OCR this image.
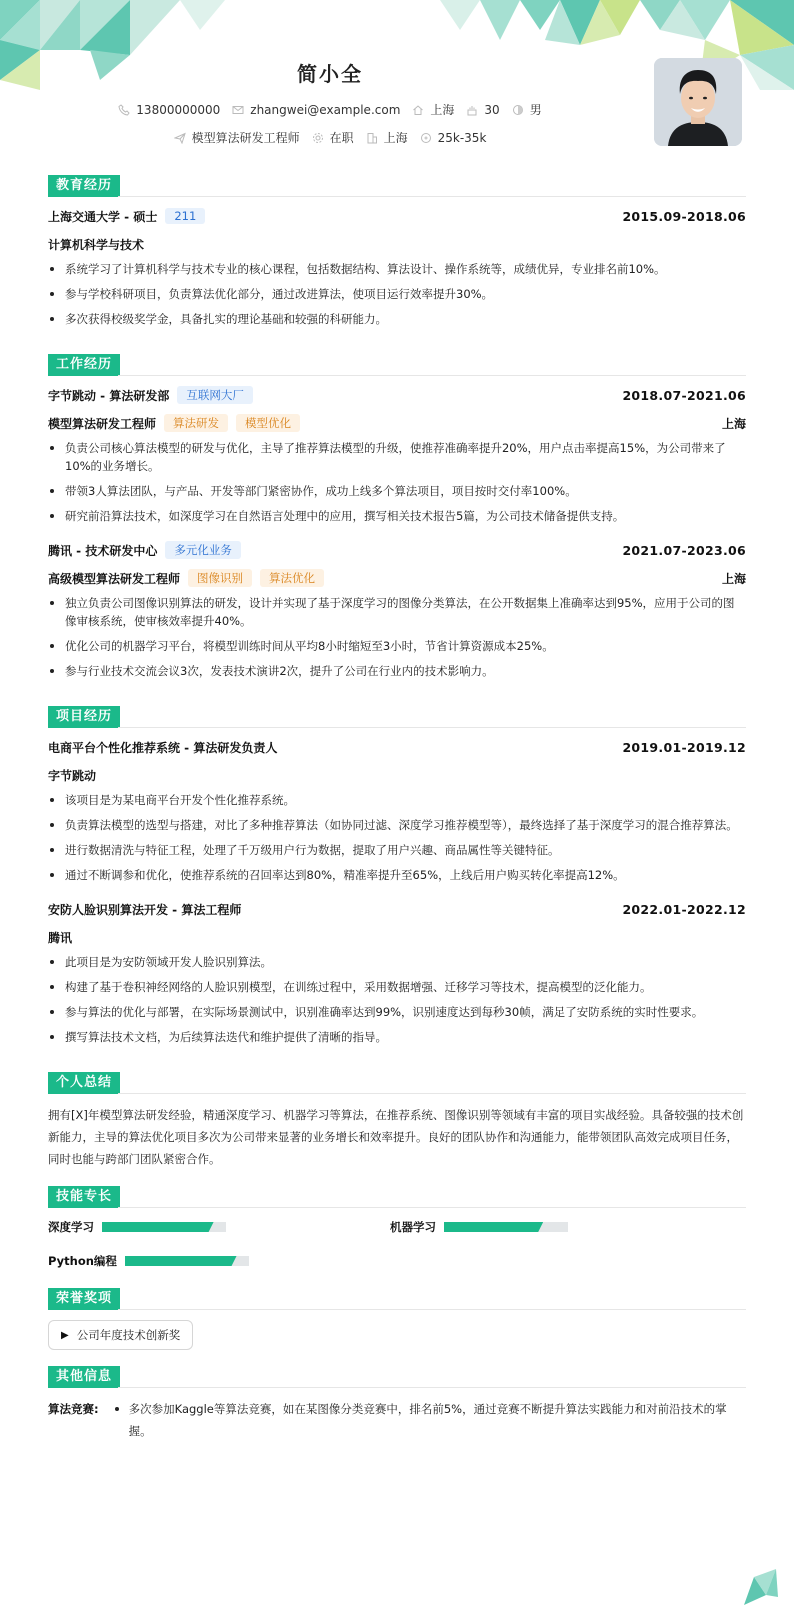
简小全
13800000000	zhangwei@example.com	上海	30	男
模型算法研发工程师	在职	上海	25k-35k
教育经历
上海交通大学 - 硕士	211	2015.09-2018.06
计算机科学与技术
系统学习了计算机科学与技术专业的核心课程，包括数据结构、算法设计、操作系统等，成绩优异，专业排名前10%。
参与学校科研项目，负责算法优化部分，通过改进算法，使项目运行效率提升30%。
多次获得校级奖学金，具备扎实的理论基础和较强的科研能力。
工作经历
字节跳动 - 算法研发部	互联网大厂	2018.07-2021.06
模型算法研发工程师	算法研发	模型优化	上海
负责公司核心算法模型的研发与优化，主导了推荐算法模型的升级，使推荐准确率提升20%，用户点击率提高15%，为公司带来了10%的业务增长。
带领3人算法团队，与产品、开发等部门紧密协作，成功上线多个算法项目，项目按时交付率100%。
研究前沿算法技术，如深度学习在自然语言处理中的应用，撰写相关技术报告5篇，为公司技术储备提供支持。
腾讯 - 技术研发中心	多元化业务	2021.07-2023.06
高级模型算法研发工程师	图像识别	算法优化	上海
独立负责公司图像识别算法的研发，设计并实现了基于深度学习的图像分类算法，在公开数据集上准确率达到95%，应用于公司的图像审核系统，使审核效率提升40%。
优化公司的机器学习平台，将模型训练时间从平均8小时缩短至3小时，节省计算资源成本25%。
参与行业技术交流会议3次，发表技术演讲2次，提升了公司在行业内的技术影响力。
项目经历
电商平台个性化推荐系统 - 算法研发负责人	2019.01-2019.12
字节跳动
该项目是为某电商平台开发个性化推荐系统。
负责算法模型的选型与搭建，对比了多种推荐算法（如协同过滤、深度学习推荐模型等），最终选择了基于深度学习的混合推荐算法。
进行数据清洗与特征工程，处理了千万级用户行为数据，提取了用户兴趣、商品属性等关键特征。
通过不断调参和优化，使推荐系统的召回率达到80%，精准率提升至65%，上线后用户购买转化率提高12%。
安防人脸识别算法开发 - 算法工程师	2022.01-2022.12
腾讯
此项目是为安防领域开发人脸识别算法。
构建了基于卷积神经网络的人脸识别模型，在训练过程中，采用数据增强、迁移学习等技术，提高模型的泛化能力。
参与算法的优化与部署，在实际场景测试中，识别准确率达到99%，识别速度达到每秒30帧，满足了安防系统的实时性要求。
撰写算法技术文档，为后续算法迭代和维护提供了清晰的指导。
个人总结
拥有[X]年模型算法研发经验，精通深度学习、机器学习等算法，在推荐系统、图像识别等领域有丰富的项目实战经验。具备较强的技术创新能力，主导的算法优化项目多次为公司带来显著的业务增长和效率提升。良好的团队协作和沟通能力，能带领团队高效完成项目任务，同时也能与跨部门团队紧密合作。
技能专长
深度学习	机器学习
Python编程
荣誉奖项
▶ 公司年度技术创新奖
其他信息
算法竞赛:	多次参加Kaggle等算法竞赛，如在某图像分类竞赛中，排名前5%，通过竞赛不断提升算法实践能力和对前沿技术的掌握。
